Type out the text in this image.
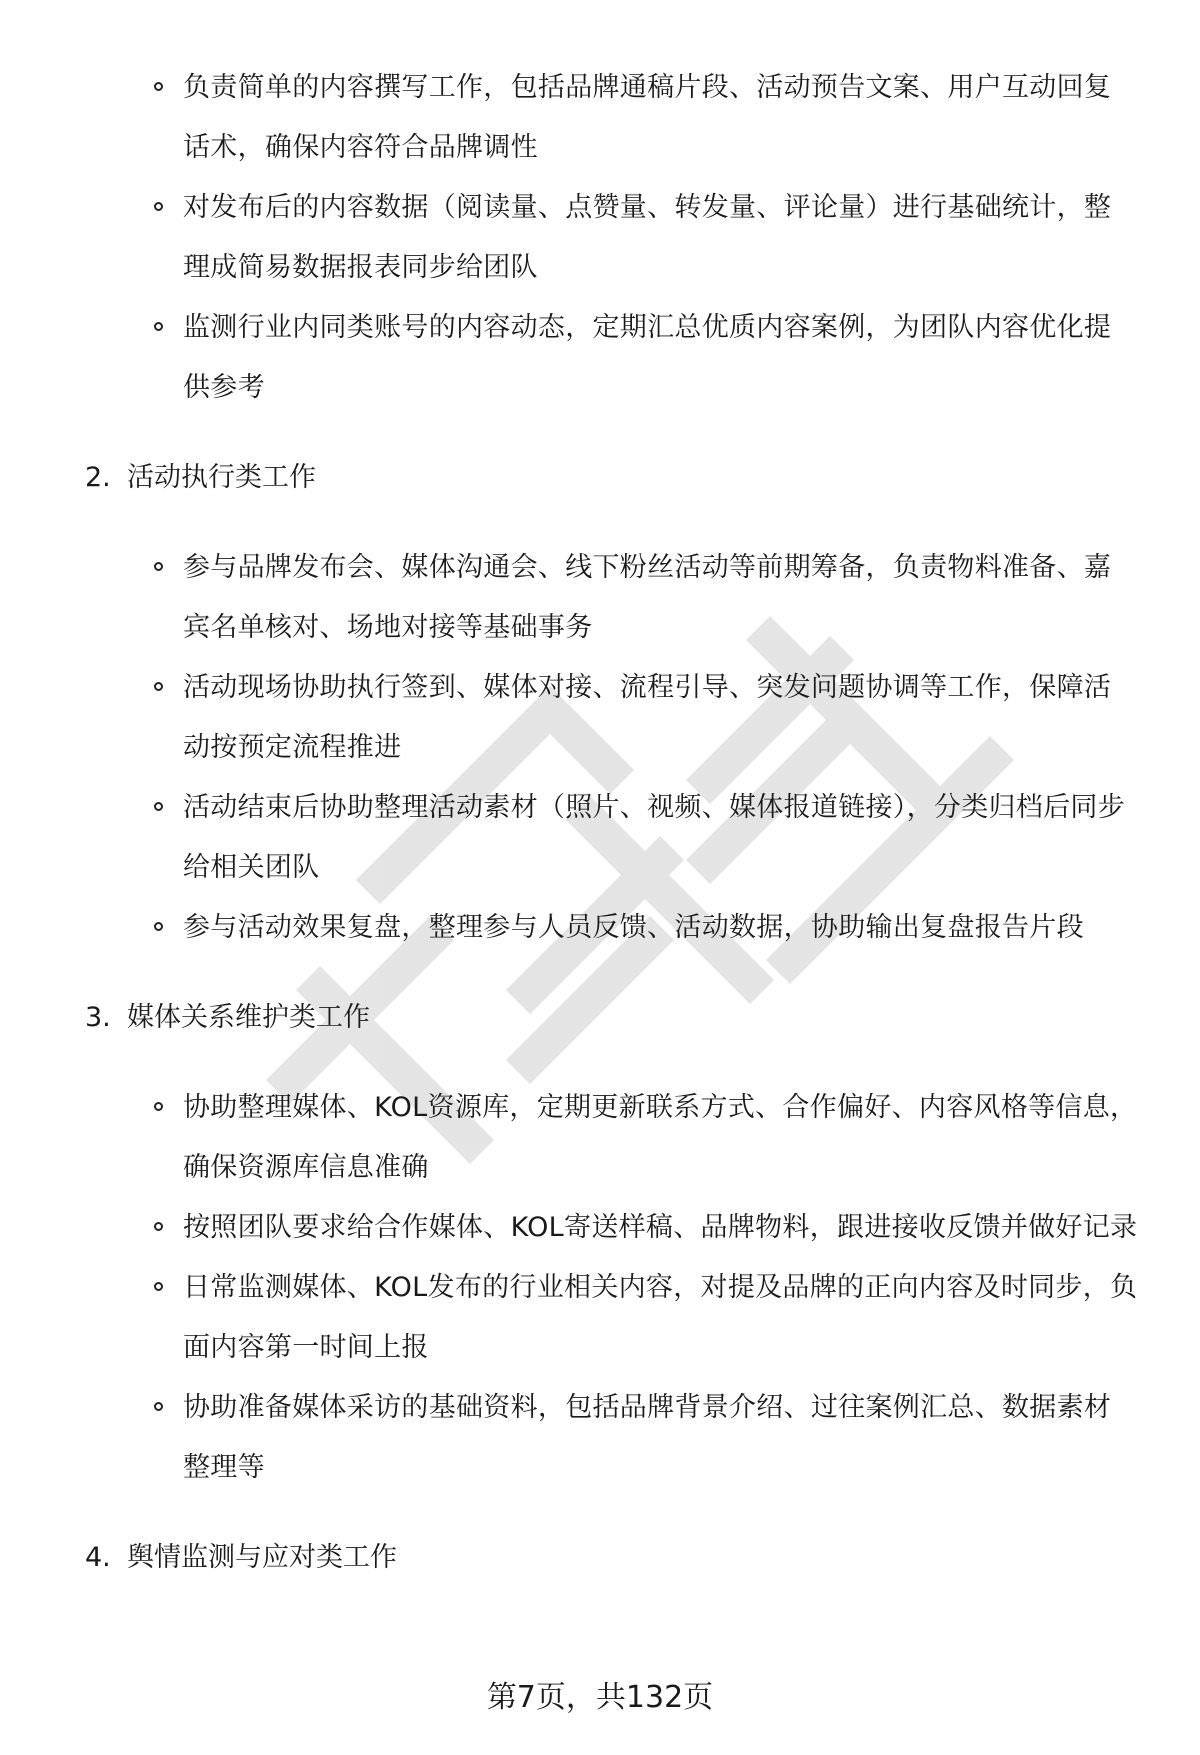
负责简单的内容撰写工作，包括品牌通稿片段、活动预告文案、用户互动回复话术，确保内容符合品牌调性
对发布后的内容数据（阅读量、点赞量、转发量、评论量）进行基础统计，整理成简易数据报表同步给团队
监测行业内同类账号的内容动态，定期汇总优质内容案例，为团队内容优化提供参考
2. 活动执行类工作
参与品牌发布会、媒体沟通会、线下粉丝活动等前期筹备，负责物料准备、嘉宾名单核对、场地对接等基础事务
活动现场协助执行签到、媒体对接、流程引导、突发问题协调等工作，保障活动按预定流程推进
活动结束后协助整理活动素材（照片、视频、媒体报道链接），分类归档后同步给相关团队
参与活动效果复盘，整理参与人员反馈、活动数据，协助输出复盘报告片段
3. 媒体关系维护类工作
协助整理媒体、KOL资源库，定期更新联系方式、合作偏好、内容风格等信息，确保资源库信息准确
按照团队要求给合作媒体、KOL寄送样稿、品牌物料，跟进接收反馈并做好记录
日常监测媒体、KOL发布的行业相关内容，对提及品牌的正向内容及时同步，负面内容第一时间上报
协助准备媒体采访的基础资料，包括品牌背景介绍、过往案例汇总、数据素材整理等
4. 舆情监测与应对类工作
第7页，共132页
